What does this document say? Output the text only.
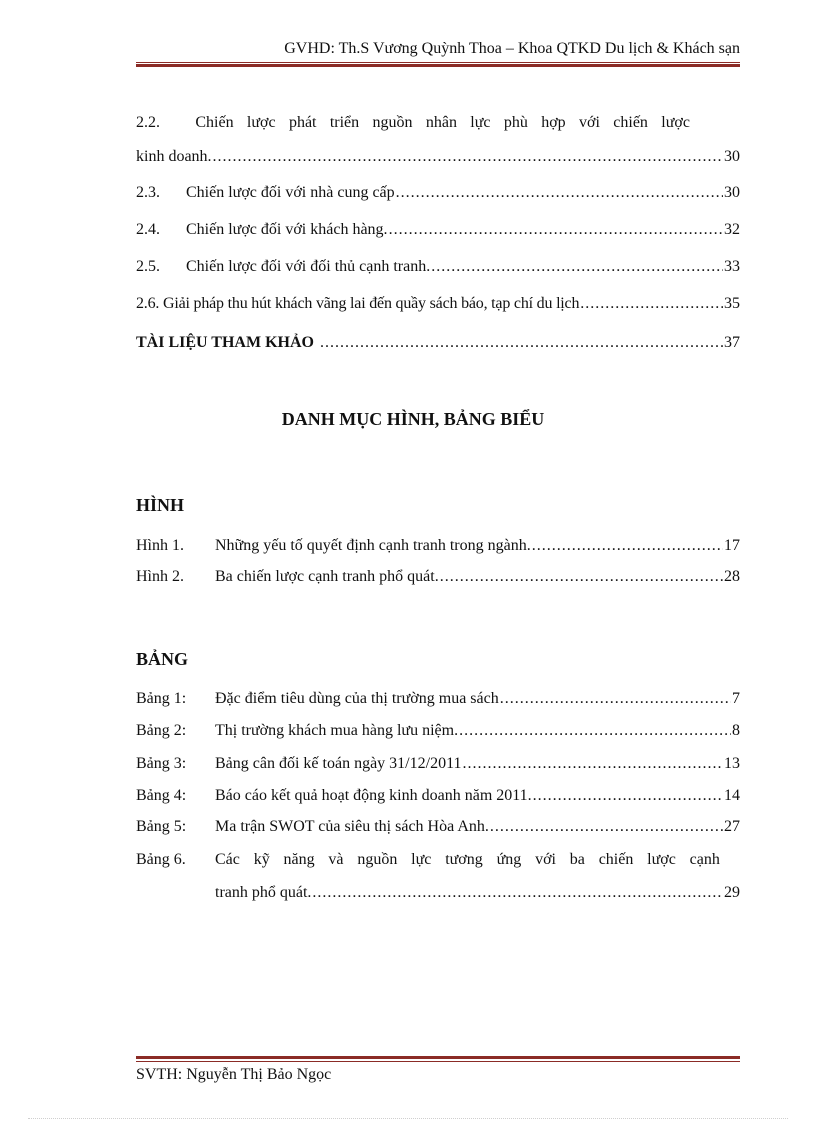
GVHD: Th.S Vương Quỳnh Thoa – Khoa QTKD Du lịch & Khách sạn
2.2.	Chiến lược phát triển nguồn nhân lực phù hợp với chiến lược
kinh doanh. .....	30
2.3.	Chiến lược đối với nhà cung cấp .....	30
2.4.	Chiến lược đối với khách hàng. .....	32
2.5.	Chiến lược đối với đối thủ cạnh tranh. .....	33
2.6. Giải pháp thu hút khách vãng lai đến quầy sách báo, tạp chí du lịch .....	35
TÀI LIỆU THAM KHẢO .....	37
DANH MỤC HÌNH, BẢNG BIỂU
HÌNH
Hình 1.	Những yếu tố quyết định cạnh tranh trong ngành. .....	17
Hình 2.	Ba chiến lược cạnh tranh phổ quát. .....	28
BẢNG
Bảng 1:	Đặc điểm tiêu dùng của thị trường mua sách .....	7
Bảng 2:	Thị trường khách mua hàng lưu niệm. .....	8
Bảng 3:	Bảng cân đối kế toán ngày 31/12/2011 .....	13
Bảng 4:	Báo cáo kết quả hoạt động kinh doanh năm 2011. .....	14
Bảng 5:	Ma trận SWOT của siêu thị sách Hòa Anh. .....	27
Bảng 6.	Các kỹ năng và nguồn lực tương ứng với ba chiến lược cạnh
tranh phổ quát. .....	29
SVTH: Nguyễn Thị Bảo Ngọc
